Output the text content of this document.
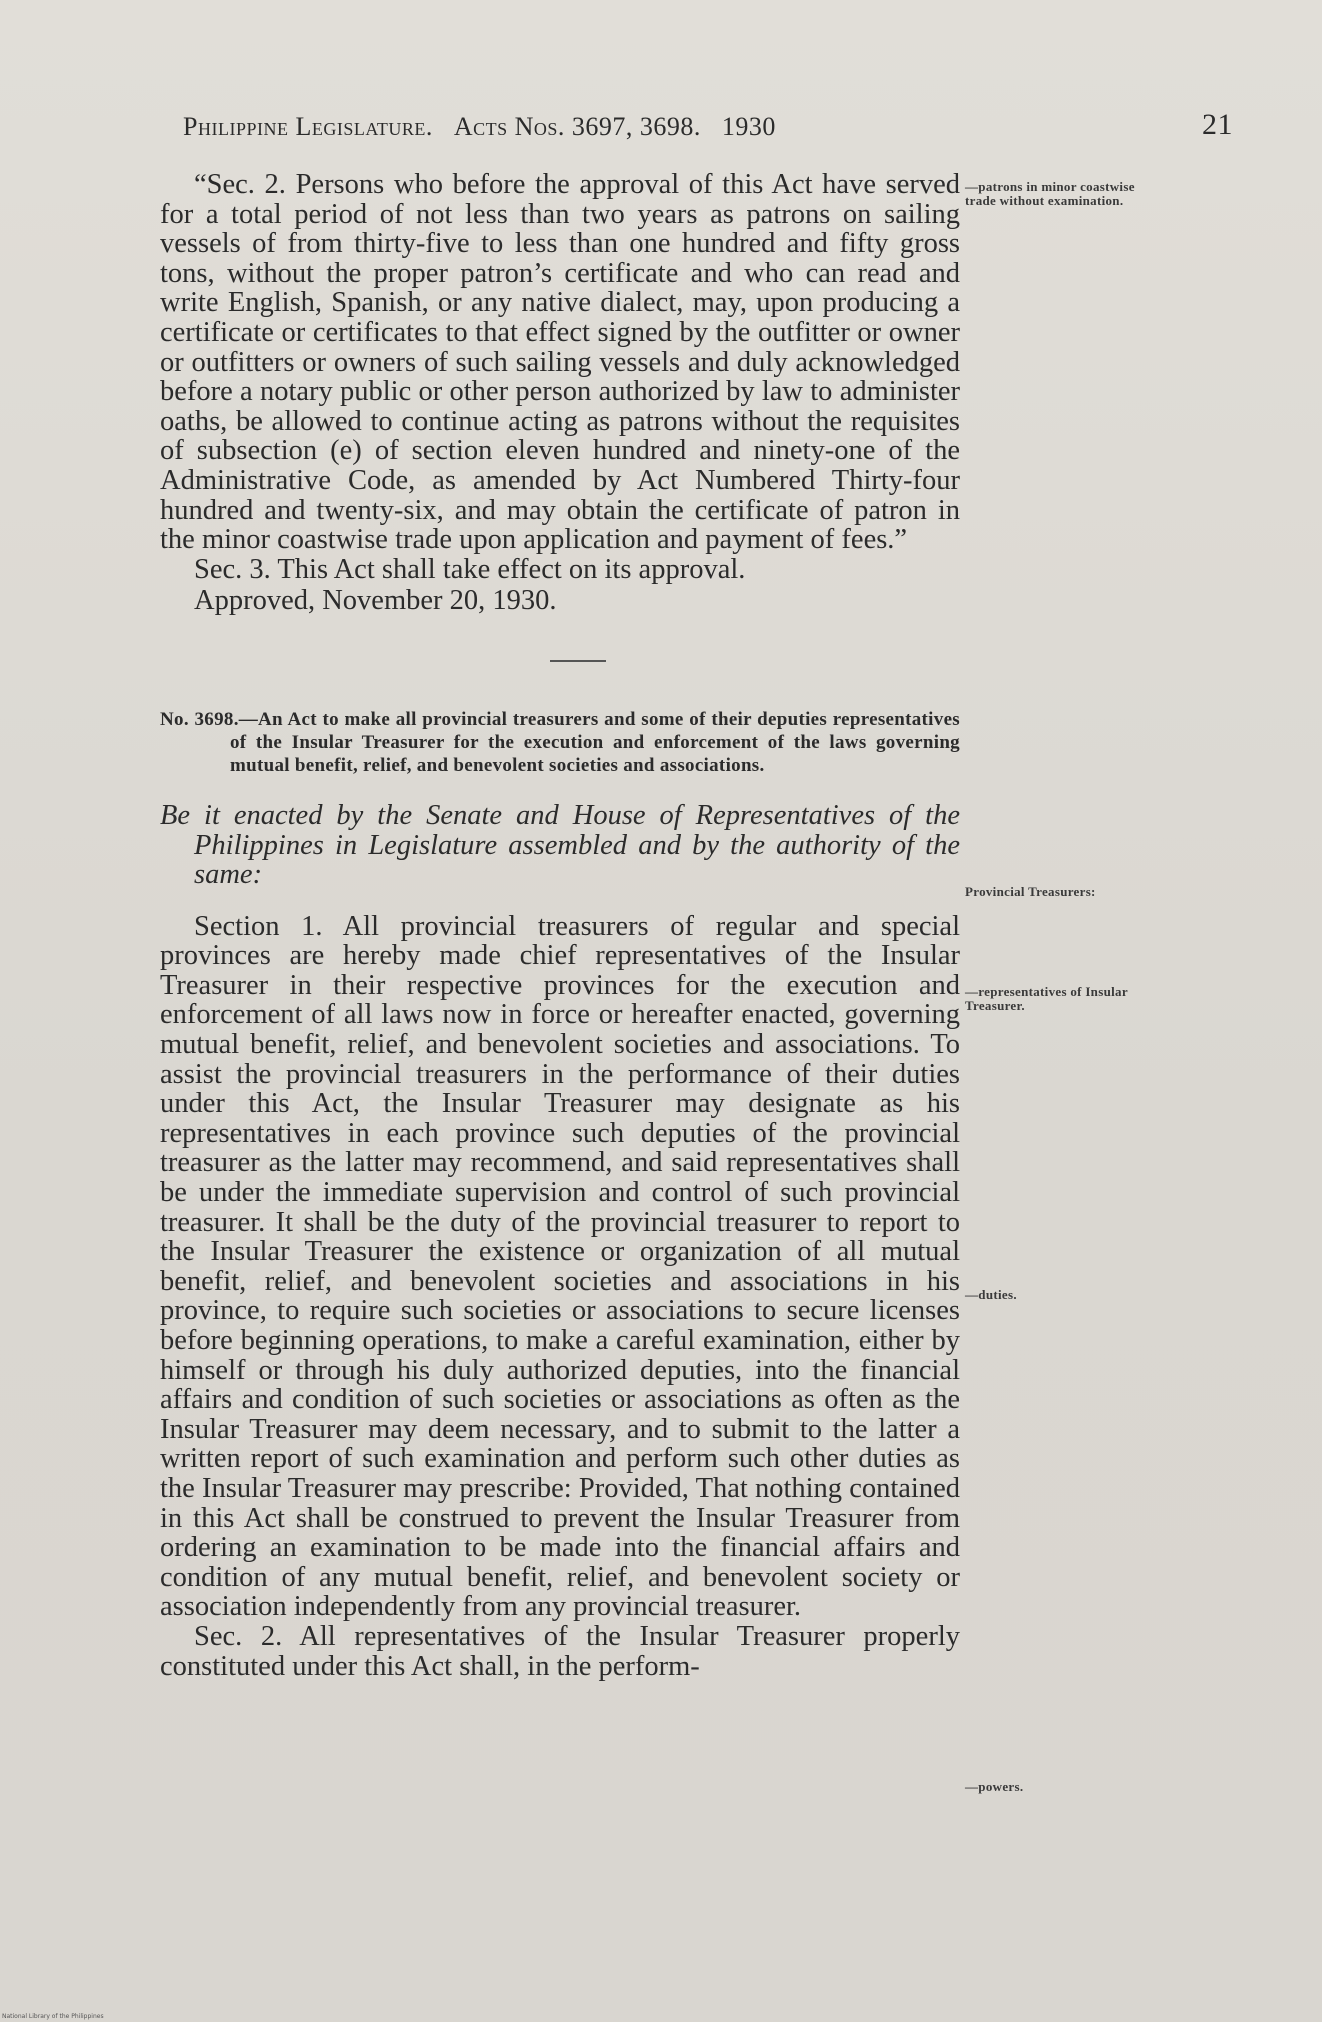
Philippine Legislature. Acts Nos. 3697, 3698. 1930	21

“Sec. 2. Persons who before the approval of this Act have served for a total period of not less than two years as patrons on sailing vessels of from thirty-five to less than one hundred and fifty gross tons, without the proper patron’s certificate and who can read and write English, Spanish, or any native dialect, may, upon producing a certificate or certificates to that effect signed by the outfitter or owner or outfitters or owners of such sailing vessels and duly acknowledged before a notary public or other person authorized by law to administer oaths, be allowed to continue acting as patrons without the requisites of subsection (e) of section eleven hundred and ninety-one of the Administrative Code, as amended by Act Numbered Thirty-four hundred and twenty-six, and may obtain the certificate of patron in the minor coastwise trade upon application and payment of fees.”

Sec. 3. This Act shall take effect on its approval.

Approved, November 20, 1930.

No. 3698.—An Act to make all provincial treasurers and some of their deputies representatives of the Insular Treasurer for the execution and enforcement of the laws governing mutual benefit, relief, and benevolent societies and associations.

Be it enacted by the Senate and House of Representatives of the Philippines in Legislature assembled and by the authority of the same:

Section 1. All provincial treasurers of regular and special provinces are hereby made chief representatives of the Insular Treasurer in their respective provinces for the execution and enforcement of all laws now in force or hereafter enacted, governing mutual benefit, relief, and benevolent societies and associations. To assist the provincial treasurers in the performance of their duties under this Act, the Insular Treasurer may designate as his representatives in each province such deputies of the provincial treasurer as the latter may recommend, and said representatives shall be under the immediate supervision and control of such provincial treasurer. It shall be the duty of the provincial treasurer to report to the Insular Treasurer the existence or organization of all mutual benefit, relief, and benevolent societies and associations in his province, to require such societies or associations to secure licenses before beginning operations, to make a careful examination, either by himself or through his duly authorized deputies, into the financial affairs and condition of such societies or associations as often as the Insular Treasurer may deem necessary, and to submit to the latter a written report of such examination and perform such other duties as the Insular Treasurer may prescribe: Provided, That nothing contained in this Act shall be construed to prevent the Insular Treasurer from ordering an examination to be made into the financial affairs and condition of any mutual benefit, relief, and benevolent society or association independently from any provincial treasurer.

Sec. 2. All representatives of the Insular Treasurer properly constituted under this Act shall, in the perform-

—patrons in minor coastwise trade without examination.
Provincial Treasurers:
—representatives of Insular Treasurer.
—duties.
—powers.
National Library of the Philippines
